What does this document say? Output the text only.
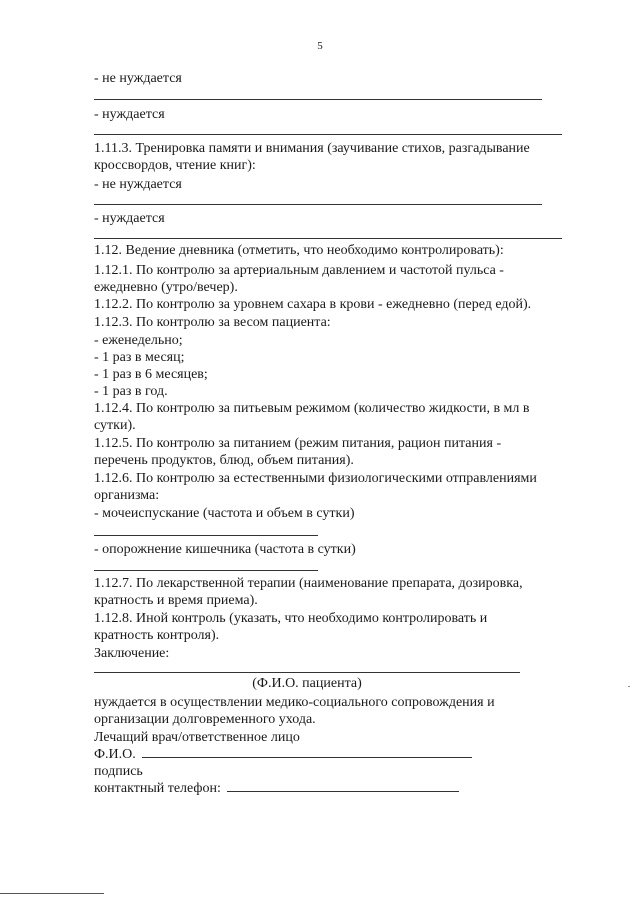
5
- не нуждается
- нуждается
1.11.3. Тренировка памяти и внимания (заучивание стихов, разгадывание
кроссвордов, чтение книг):
- не нуждается
- нуждается
1.12. Ведение дневника (отметить, что необходимо контролировать):
1.12.1. По контролю за артериальным давлением и частотой пульса -
ежедневно (утро/вечер).
1.12.2. По контролю за уровнем сахара в крови - ежедневно (перед едой).
1.12.3. По контролю за весом пациента:
- еженедельно;
- 1 раз в месяц;
- 1 раз в 6 месяцев;
- 1 раз в год.
1.12.4. По контролю за питьевым режимом (количество жидкости, в мл в
сутки).
1.12.5. По контролю за питанием (режим питания, рацион питания -
перечень продуктов, блюд, объем питания).
1.12.6. По контролю за естественными физиологическими отправлениями
организма:
- мочеиспускание (частота и объем в сутки)
- опорожнение кишечника (частота в сутки)
1.12.7. По лекарственной терапии (наименование препарата, дозировка,
кратность и время приема).
1.12.8. Иной контроль (указать, что необходимо контролировать и
кратность контроля).
Заключение:
(Ф.И.О. пациента)
нуждается в осуществлении медико-социального сопровождения и
организации долговременного ухода.
Лечащий врач/ответственное лицо
Ф.И.О.
подпись
контактный телефон:
